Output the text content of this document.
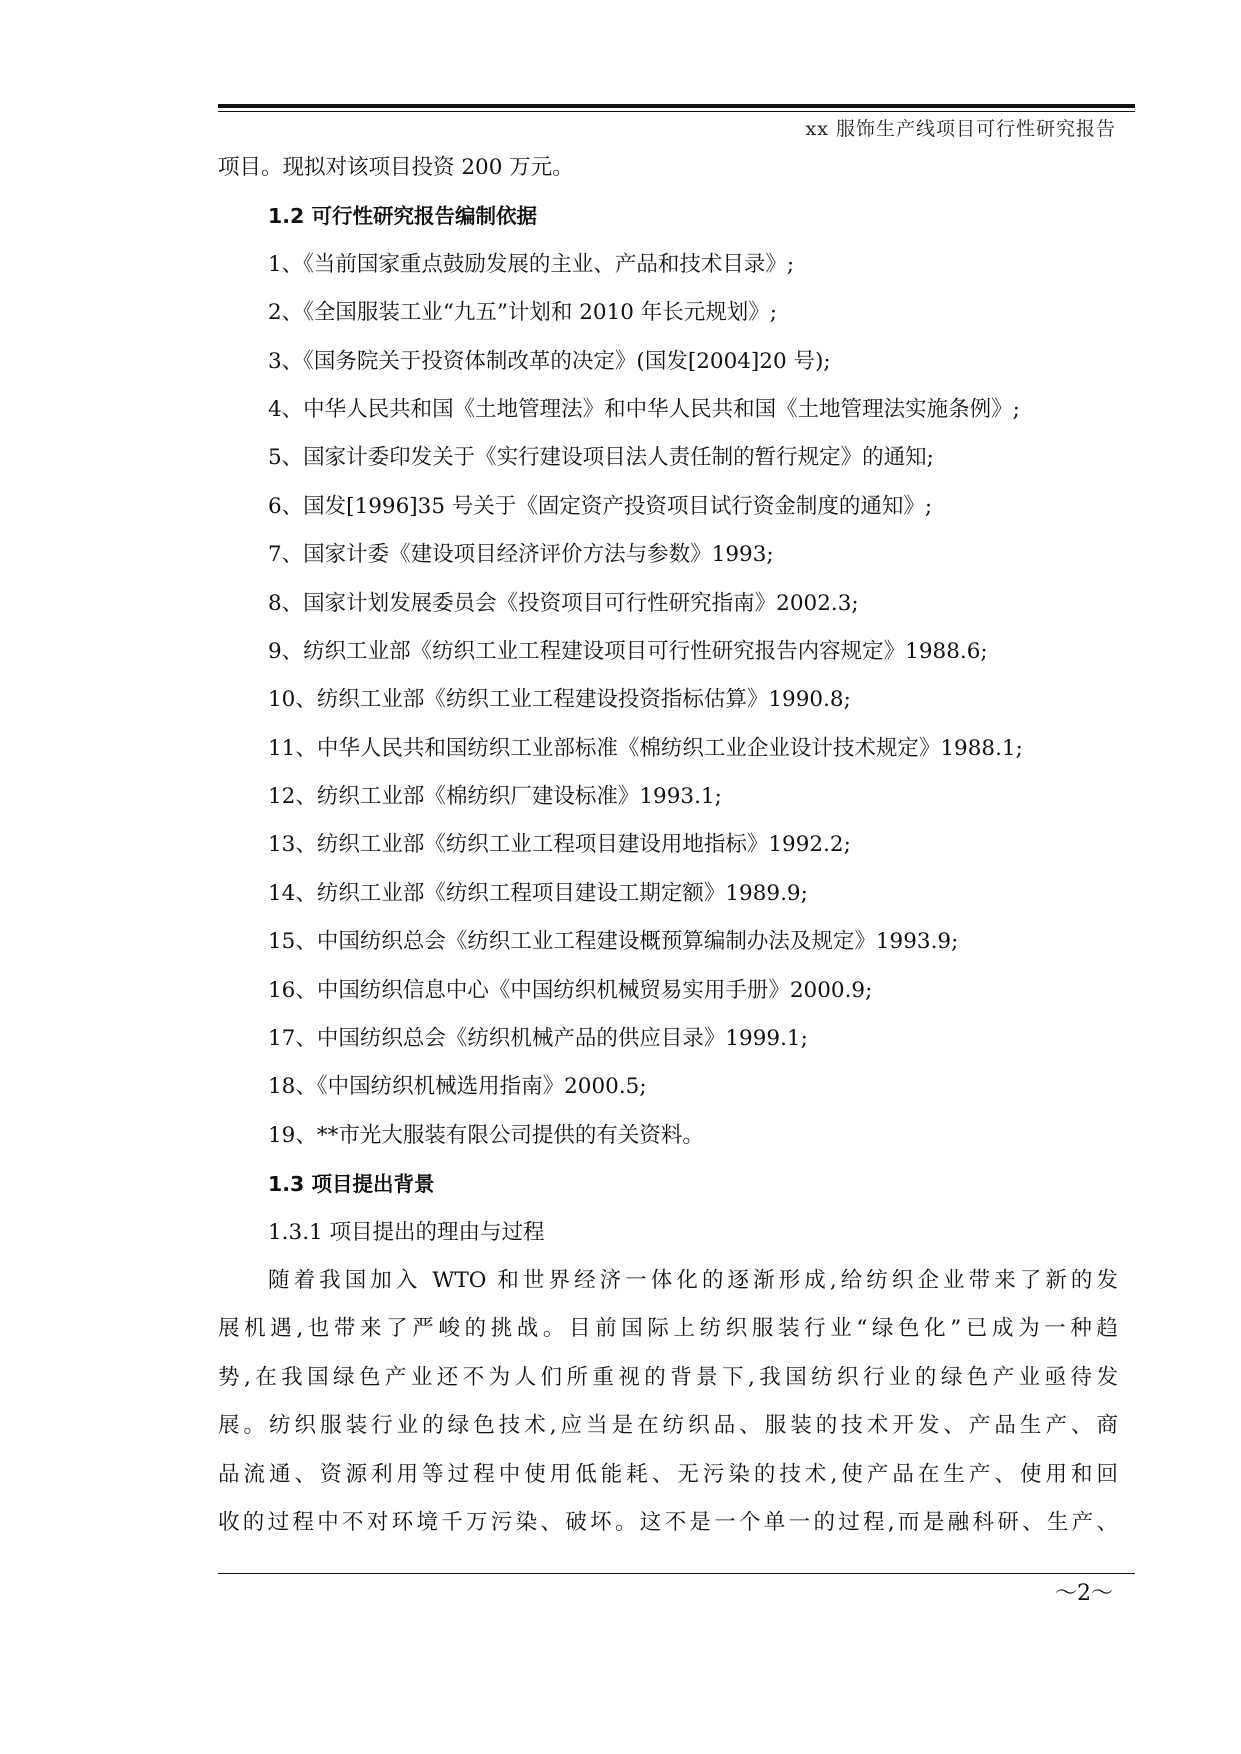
xx 服饰生产线项目可行性研究报告
项目。现拟对该项目投资 200 万元。
1.2 可行性研究报告编制依据
1、《当前国家重点鼓励发展的主业、产品和技术目录》;
2、《全国服装工业“九五”计划和 2010 年长元规划》;
3、《国务院关于投资体制改革的决定》(国发[2004]20 号);
4、中华人民共和国《土地管理法》和中华人民共和国《土地管理法实施条例》;
5、国家计委印发关于《实行建设项目法人责任制的暂行规定》的通知;
6、国发[1996]35 号关于《固定资产投资项目试行资金制度的通知》;
7、国家计委《建设项目经济评价方法与参数》1993;
8、国家计划发展委员会《投资项目可行性研究指南》2002.3;
9、纺织工业部《纺织工业工程建设项目可行性研究报告内容规定》1988.6;
10、纺织工业部《纺织工业工程建设投资指标估算》1990.8;
11、中华人民共和国纺织工业部标准《棉纺织工业企业设计技术规定》1988.1;
12、纺织工业部《棉纺织厂建设标准》1993.1;
13、纺织工业部《纺织工业工程项目建设用地指标》1992.2;
14、纺织工业部《纺织工程项目建设工期定额》1989.9;
15、中国纺织总会《纺织工业工程建设概预算编制办法及规定》1993.9;
16、中国纺织信息中心《中国纺织机械贸易实用手册》2000.9;
17、中国纺织总会《纺织机械产品的供应目录》1999.1;
18、《中国纺织机械选用指南》2000.5;
19、**市光大服装有限公司提供的有关资料。
1.3 项目提出背景
1.3.1 项目提出的理由与过程
随着我国加入 WTO 和世界经济一体化的逐渐形成,给纺织企业带来了新的发
展机遇,也带来了严峻的挑战。目前国际上纺织服装行业“绿色化”已成为一种趋
势,在我国绿色产业还不为人们所重视的背景下,我国纺织行业的绿色产业亟待发
展。纺织服装行业的绿色技术,应当是在纺织品、服装的技术开发、产品生产、商
品流通、资源利用等过程中使用低能耗、无污染的技术,使产品在生产、使用和回
收的过程中不对环境千万污染、破坏。这不是一个单一的过程,而是融科研、生产、
～2～
